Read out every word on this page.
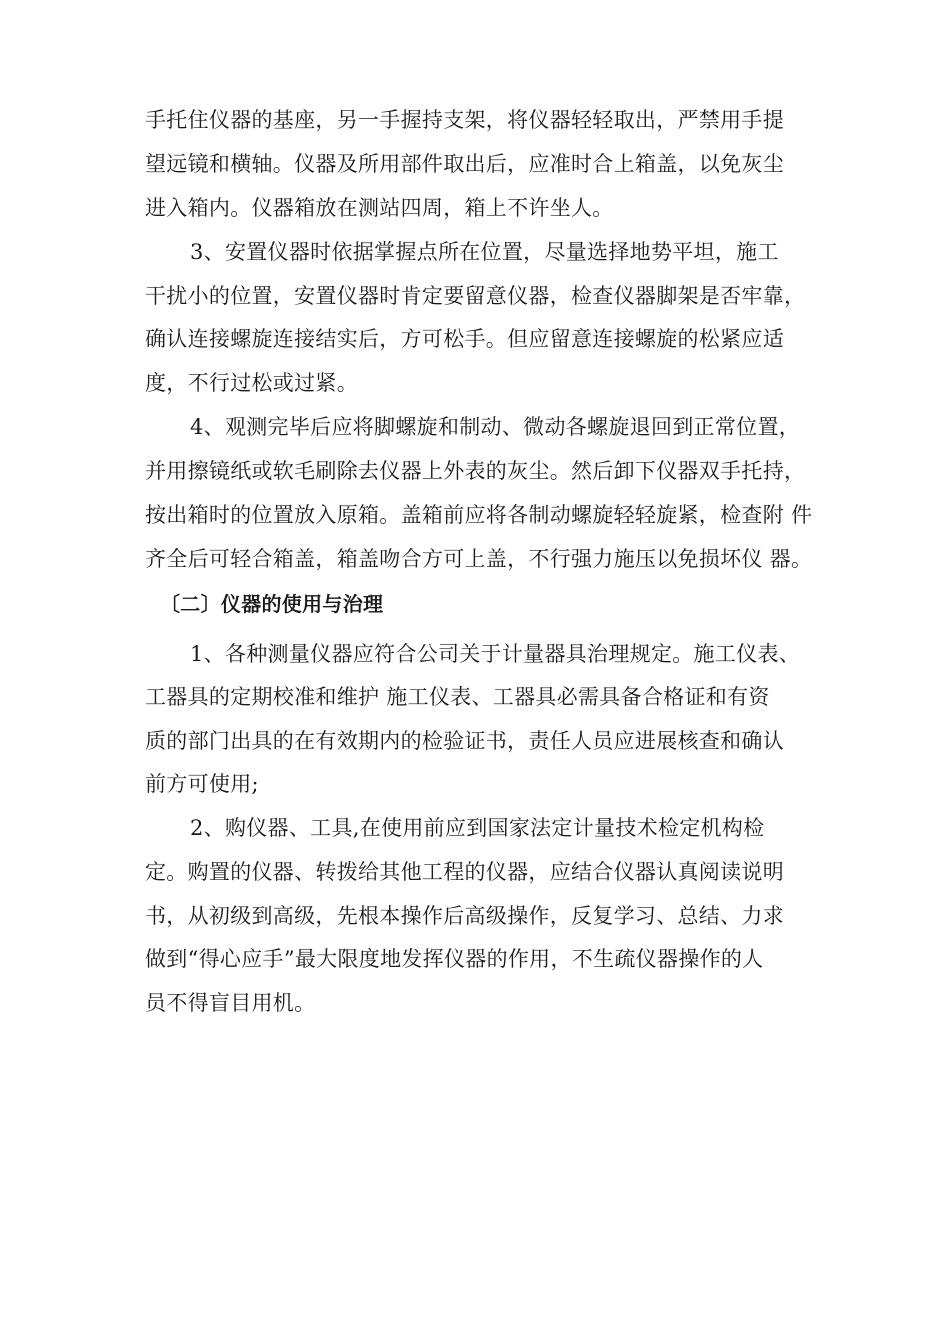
手托住仪器的基座，另一手握持支架，将仪器轻轻取出，严禁用手提
望远镜和横轴。仪器及所用部件取出后，应准时合上箱盖，以免灰尘
进入箱内。仪器箱放在测站四周，箱上不许坐人。
3、安置仪器时依据掌握点所在位置，尽量选择地势平坦，施工
干扰小的位置，安置仪器时肯定要留意仪器，检查仪器脚架是否牢靠，
确认连接螺旋连接结实后，方可松手。但应留意连接螺旋的松紧应适
度，不行过松或过紧。
4、观测完毕后应将脚螺旋和制动、微动各螺旋退回到正常位置，
并用擦镜纸或软毛刷除去仪器上外表的灰尘。然后卸下仪器双手托持，
按出箱时的位置放入原箱。盖箱前应将各制动螺旋轻轻旋紧，检查附 件
齐全后可轻合箱盖，箱盖吻合方可上盖，不行强力施压以免损坏仪 器。
〔二〕仪器的使用与治理
1、各种测量仪器应符合公司关于计量器具治理规定。施工仪表、
工器具的定期校准和维护 施工仪表、工器具必需具备合格证和有资
质的部门出具的在有效期内的检验证书，责任人员应进展核查和确认
前方可使用;
2、购仪器、工具,在使用前应到国家法定计量技术检定机构检
定。购置的仪器、转拨给其他工程的仪器，应结合仪器认真阅读说明
书，从初级到高级，先根本操作后高级操作，反复学习、总结、力求
做到“得心应手”最大限度地发挥仪器的作用，不生疏仪器操作的人
员不得盲目用机。
